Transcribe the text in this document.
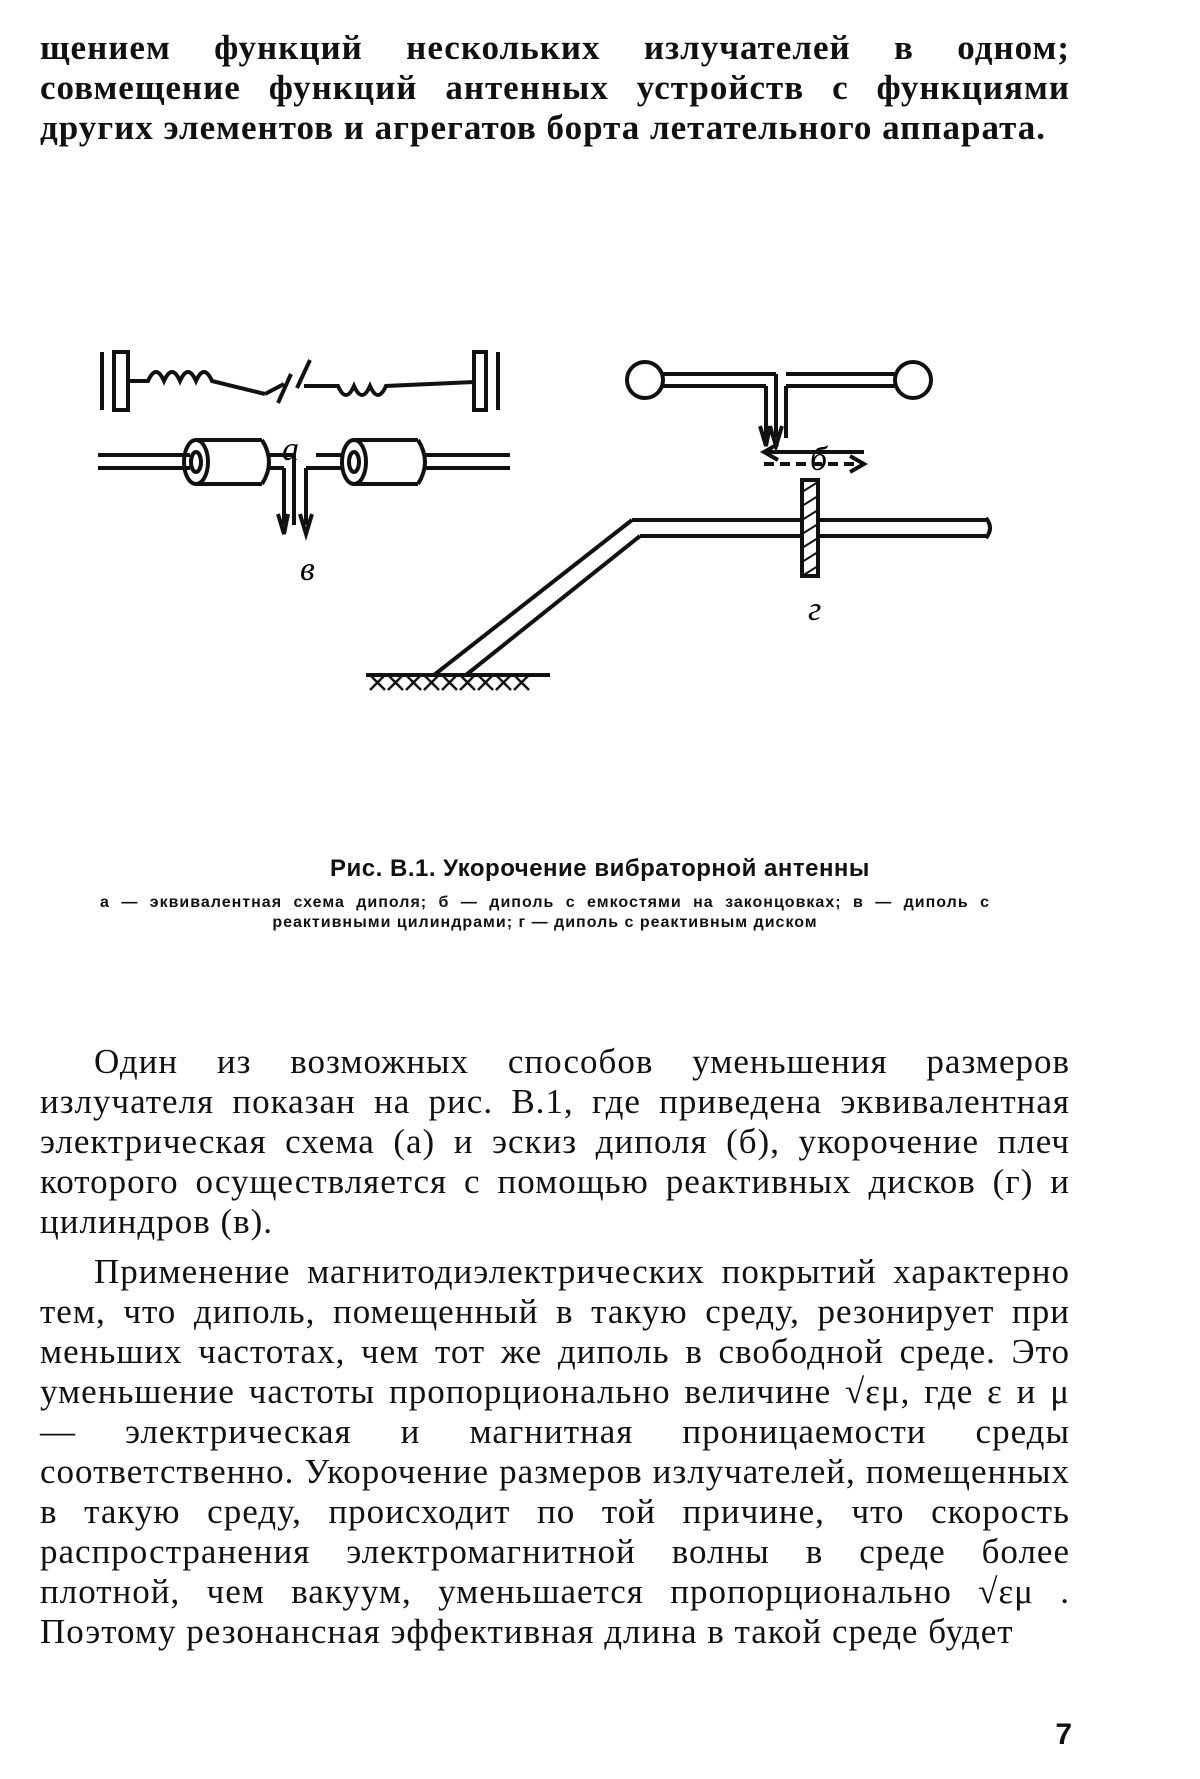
щением функций нескольких излучателей в одном; совмещение функций антенных устройств с функциями других элементов и агрегатов борта летательного аппарата.

а	б
в
г
Рис. В.1. Укорочение вибраторной антенны
а — эквивалентная схема диполя; б — диполь с емкостями на законцовках; в — диполь с реактивными цилиндрами; г — диполь с реактивным диском

Один из возможных способов уменьшения размеров излучателя показан на рис. В.1, где приведена эквивалентная электрическая схема (а) и эскиз диполя (б), укорочение плеч которого осуществляется с помощью реактивных дисков (г) и цилиндров (в).

Применение магнитодиэлектрических покрытий характерно тем, что диполь, помещенный в такую среду, резонирует при меньших частотах, чем тот же диполь в свободной среде. Это уменьшение частоты пропорционально величине √εμ, где ε и μ — электрическая и магнитная проницаемости среды соответственно. Укорочение размеров излучателей, помещенных в такую среду, происходит по той причине, что скорость распространения электромагнитной волны в среде более плотной, чем вакуум, уменьшается пропорционально √εμ . Поэтому резонансная эффективная длина в такой среде будет

7
